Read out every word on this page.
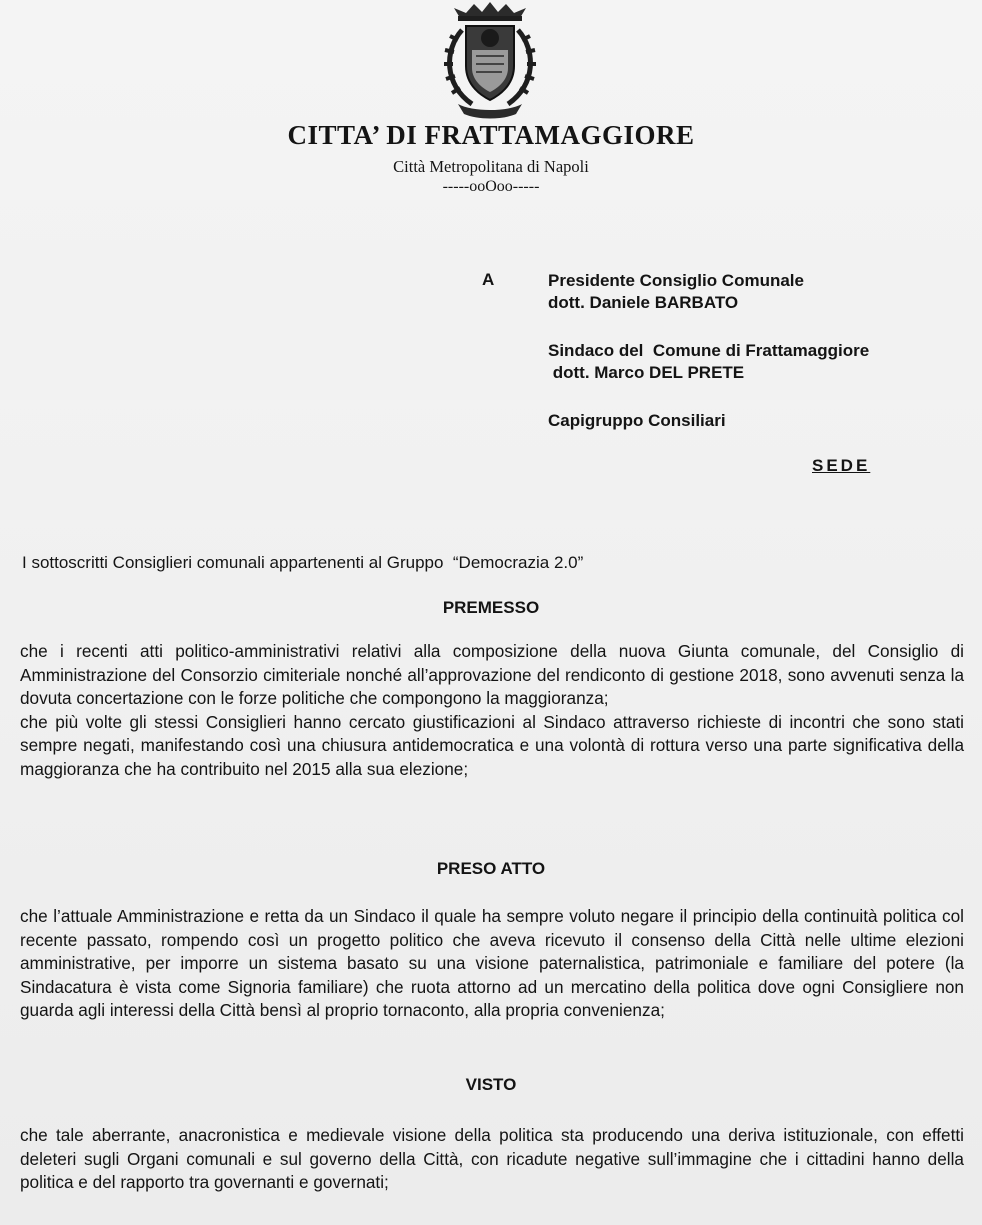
CITTA’ DI FRATTAMAGGIORE
Città Metropolitana di Napoli
-----ooOoo-----
A	Presidente Consiglio Comunale
dott. Daniele BARBATO
Sindaco del  Comune di Frattamaggiore
dott. Marco DEL PRETE
Capigruppo Consiliari
SEDE
I sottoscritti Consiglieri comunali appartenenti al Gruppo  “Democrazia 2.0”
PREMESSO

che i recenti atti politico-amministrativi relativi alla composizione della nuova Giunta comunale, del Consiglio di Amministrazione del Consorzio cimiteriale nonché all’approvazione del rendiconto di gestione 2018, sono avvenuti senza la dovuta concertazione con le forze politiche che compongono la maggioranza;

che più volte gli stessi Consiglieri hanno cercato giustificazioni al Sindaco attraverso richieste di incontri che sono stati sempre negati, manifestando così una chiusura antidemocratica e una volontà di rottura verso una parte significativa della maggioranza che ha contribuito nel 2015 alla sua elezione;

PRESO ATTO

che l’attuale Amministrazione e retta da un Sindaco il quale ha sempre voluto negare il principio della continuità politica col recente passato, rompendo così un progetto politico che aveva ricevuto il consenso della Città nelle ultime elezioni amministrative, per imporre un sistema basato su una visione paternalistica, patrimoniale e familiare del potere (la Sindacatura è vista come Signoria familiare) che ruota attorno ad un mercatino della politica dove ogni Consigliere non guarda agli interessi della Città bensì al proprio tornaconto, alla propria convenienza;

VISTO

che tale aberrante, anacronistica e medievale visione della politica sta producendo una deriva istituzionale, con effetti deleteri sugli Organi comunali e sul governo della Città, con ricadute negative sull’immagine che i cittadini hanno della politica e del rapporto tra governanti e governati;
